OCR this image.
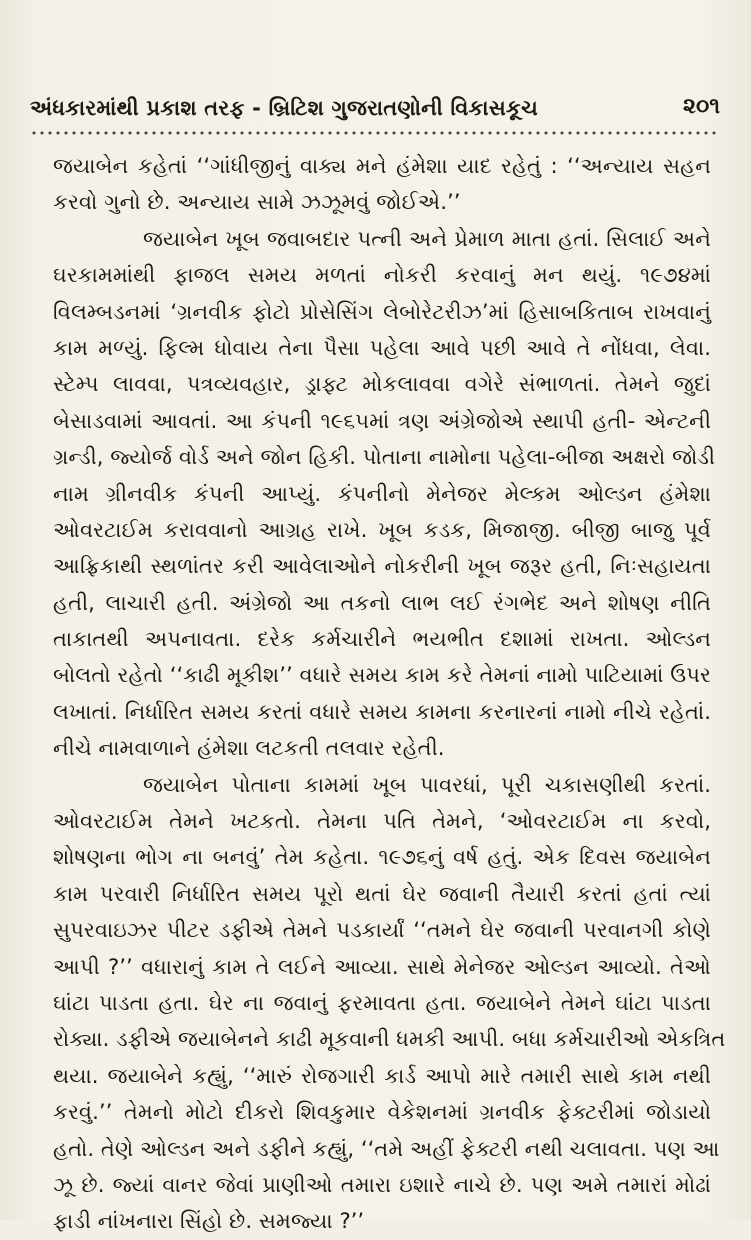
અંધકારમાંથી પ્રકાશ તરફ - બ્રિટિશ ગુજરાતણોની વિકાસકૂચ	૨૦૧
જયાબેન કહેતાં ‘‘ગાંધીજીનું વાક્ય મને હંમેશા યાદ રહેતું : ‘‘અન્યાય સહન
કરવો ગુનો છે. અન્યાય સામે ઝઝૂમવું જોઈએ.’’
જયાબેન ખૂબ જવાબદાર પત્ની અને પ્રેમાળ માતા હતાં. સિલાઈ અને
ઘરકામમાંથી ફાજલ સમય મળતાં નોકરી કરવાનું મન થયું. ૧૯૭૪માં
વિલમ્બડનમાં ‘ગ્રનવીક ફોટો પ્રોસેસિંગ લેબોરેટરીઝ’માં હિસાબકિતાબ રાખવાનું
કામ મળ્યું. ફિલ્મ ધોવાય તેના પૈસા પહેલા આવે પછી આવે તે નોંધવા, લેવા.
સ્ટેમ્પ લાવવા, પત્રવ્યવહાર, ડ્રાફ્ટ મોકલાવવા વગેરે સંભાળતાં. તેમને જુદાં
બેસાડવામાં આવતાં. આ કંપની ૧૯૬૫માં ત્રણ અંગ્રેજોએ સ્થાપી હતી- એન્ટની
ગ્રન્ડી, જ્યોર્જ વોર્ડ અને જોન હિકી. પોતાના નામોના પહેલા-બીજા અક્ષરો જોડી
નામ ગ્રીનવીક કંપની આપ્યું. કંપનીનો મેનેજર મેલ્કમ ઓલ્ડન હંમેશા
ઓવરટાઈમ કરાવવાનો આગ્રહ રાખે. ખૂબ કડક, મિજાજી. બીજી બાજુ પૂર્વ
આફ્રિકાથી સ્થળાંતર કરી આવેલાઓને નોકરીની ખૂબ જરૂર હતી, નિઃસહાયતા
હતી, લાચારી હતી. અંગ્રેજો આ તકનો લાભ લઈ રંગભેદ અને શોષણ નીતિ
તાકાતથી અપનાવતા. દરેક કર્મચારીને ભયભીત દશામાં રાખતા. ઓલ્ડન
બોલતો રહેતો ‘‘કાઢી મૂકીશ’’ વધારે સમય કામ કરે તેમનાં નામો પાટિયામાં ઉપર
લખાતાં. નિર્ધારિત સમય કરતાં વધારે સમય કામના કરનારનાં નામો નીચે રહેતાં.
નીચે નામવાળાને હંમેશા લટકતી તલવાર રહેતી.
જયાબેન પોતાના કામમાં ખૂબ પાવરધાં, પૂરી ચકાસણીથી કરતાં.
ઓવરટાઈમ તેમને ખટકતો. તેમના પતિ તેમને, ‘ઓવરટાઈમ ના કરવો,
શોષણના ભોગ ના બનવું’ તેમ કહેતા. ૧૯૭૬નું વર્ષ હતું. એક દિવસ જયાબેન
કામ પરવારી નિર્ધારિત સમય પૂરો થતાં ઘેર જવાની તૈયારી કરતાં હતાં ત્યાં
સુપરવાઇઝર પીટર ડફીએ તેમને પડકાર્યાં ‘‘તમને ઘેર જવાની પરવાનગી કોણે
આપી ?’’ વધારાનું કામ તે લઈને આવ્યા. સાથે મેનેજર ઓલ્ડન આવ્યો. તેઓ
ઘાંટા પાડતા હતા. ઘેર ના જવાનું ફરમાવતા હતા. જયાબેને તેમને ઘાંટા પાડતા
રોક્યા. ડફીએ જયાબેનને કાઢી મૂકવાની ધમકી આપી. બધા કર્મચારીઓ એકત્રિત
થયા. જયાબેને કહ્યું, ‘‘મારું રોજગારી કાર્ડ આપો મારે તમારી સાથે કામ નથી
કરવું.’’ તેમનો મોટો દીકરો શિવકુમાર વેકેશનમાં ગ્રનવીક ફેક્ટરીમાં જોડાયો
હતો. તેણે ઓલ્ડન અને ડફીને કહ્યું, ‘‘તમે અહીં ફેક્ટરી નથી ચલાવતા. પણ આ
ઝૂ છે. જ્યાં વાનર જેવાં પ્રાણીઓ તમારા ઇશારે નાચે છે. પણ અમે તમારાં મોઢાં
ફાડી નાંખનારા સિંહો છે. સમજ્યા ?’’
